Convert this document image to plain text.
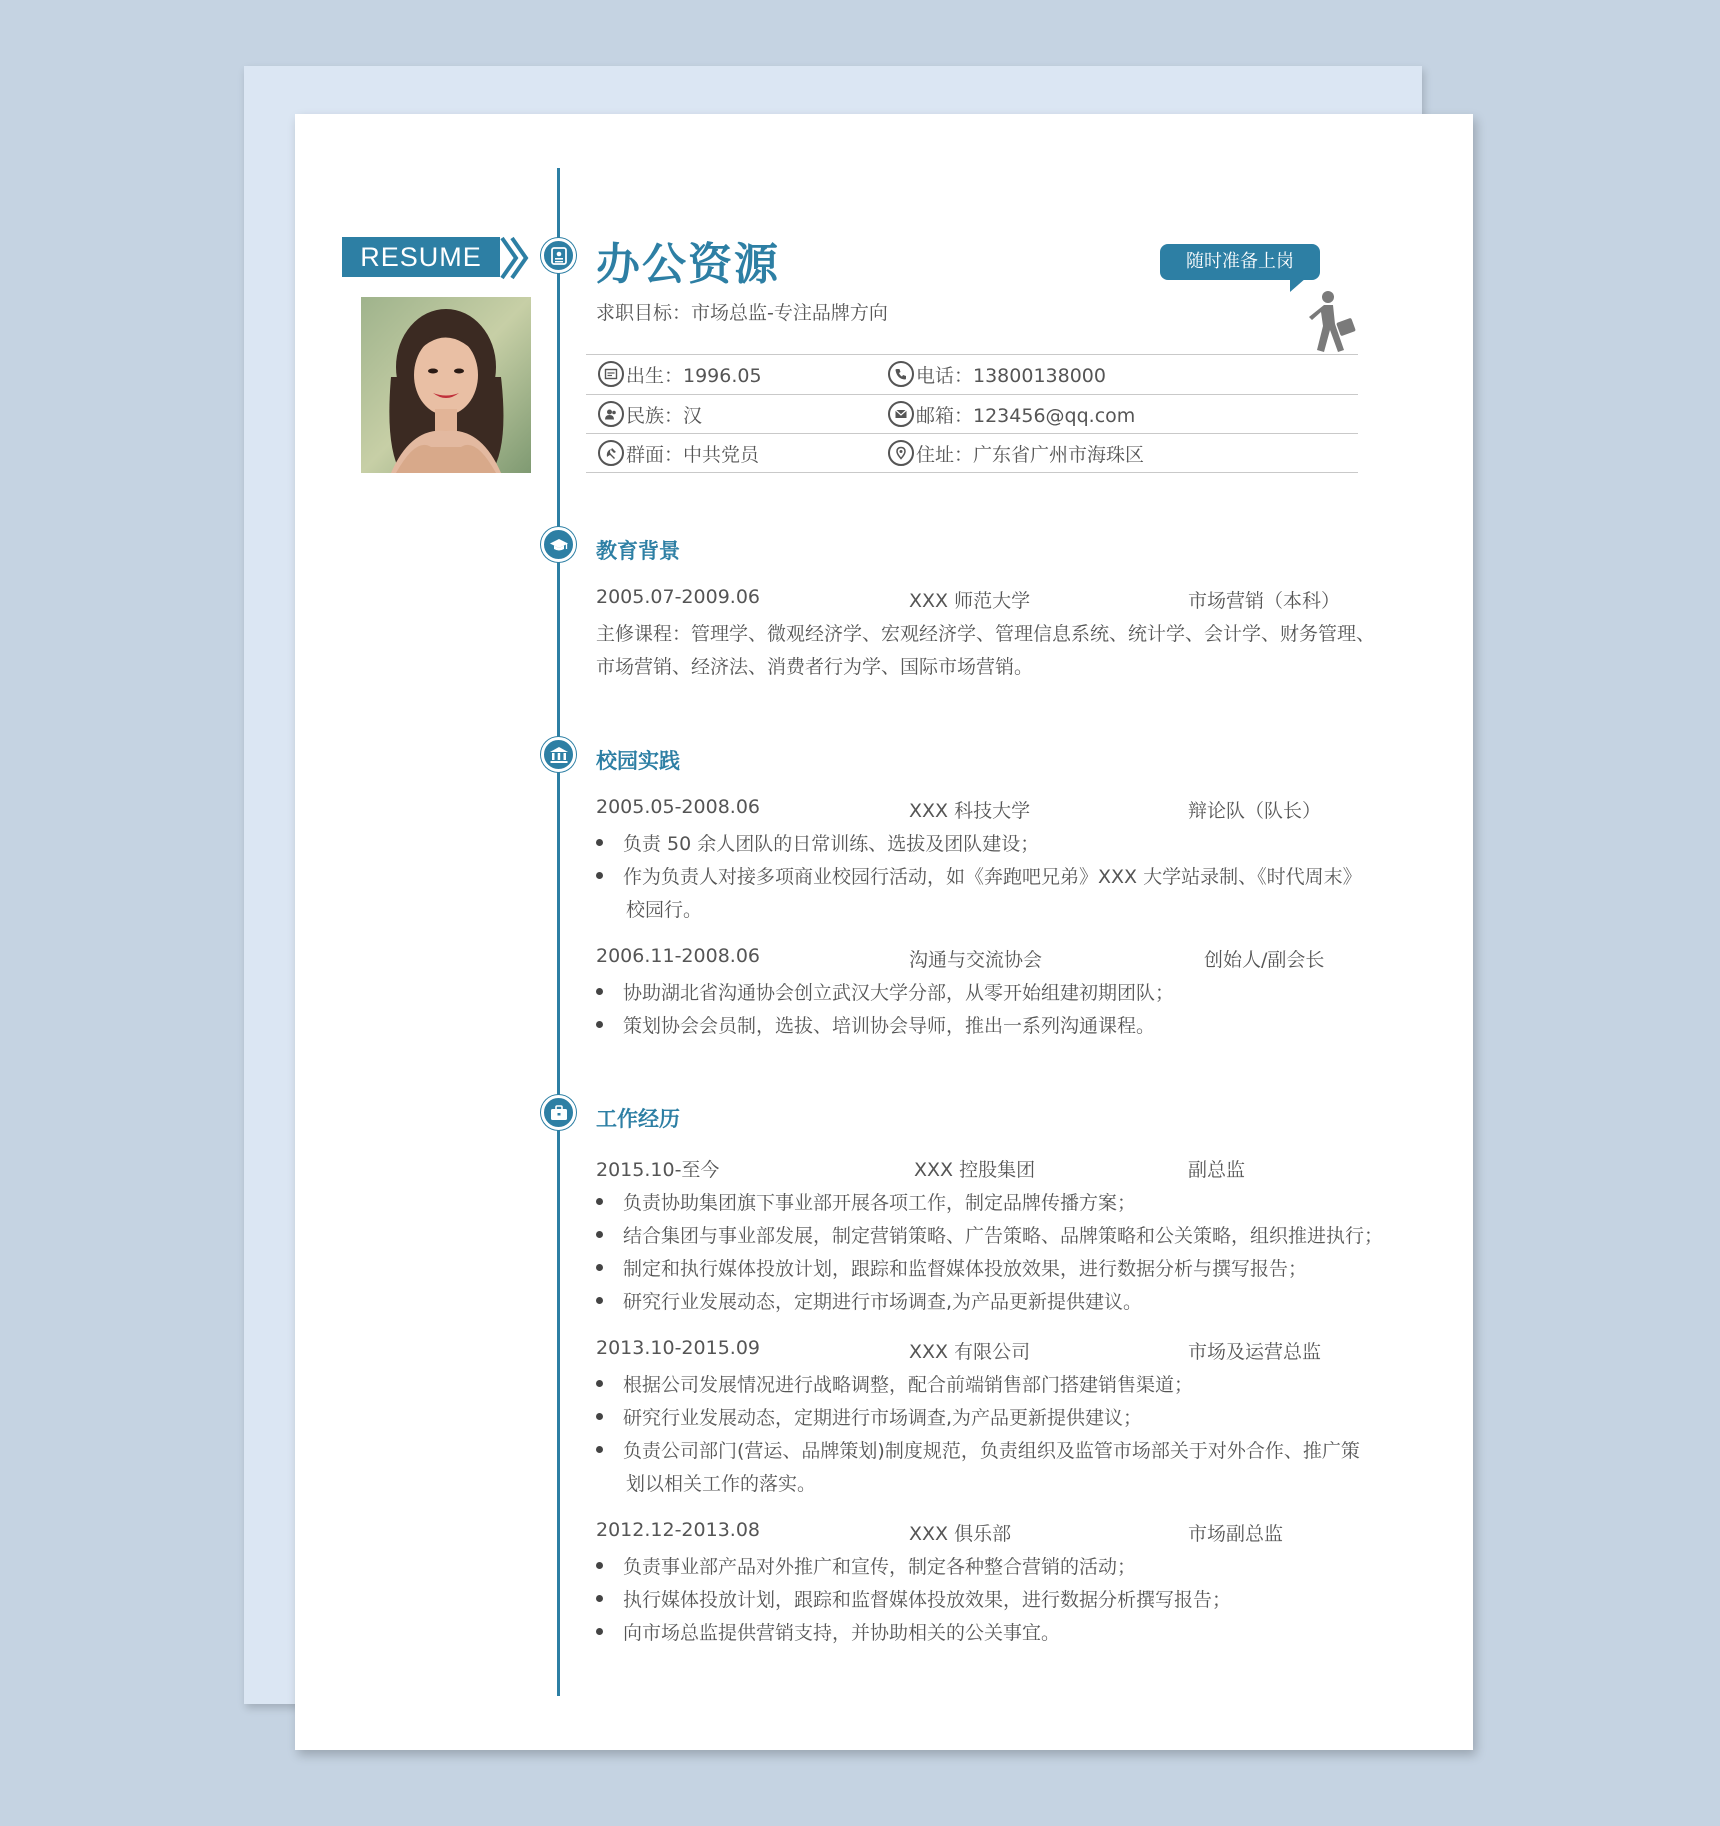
RESUME	办公资源
求职目标：市场总监-专注品牌方向
随时准备上岗
出生：1996.05	电话：13800138000
民族：汉	邮箱：123456@qq.com
群面：中共党员	住址：广东省广州市海珠区
教育背景
2005.07-2009.06	XXX 师范大学	市场营销（本科）
主修课程：管理学、微观经济学、宏观经济学、管理信息系统、统计学、会计学、财务管理、
市场营销、经济法、消费者行为学、国际市场营销。
校园实践
2005.05-2008.06	XXX 科技大学	辩论队（队长）
负责 50 余人团队的日常训练、选拔及团队建设；
作为负责人对接多项商业校园行活动，如《奔跑吧兄弟》XXX 大学站录制、《时代周末》
校园行。
2006.11-2008.06	沟通与交流协会	创始人/副会长
协助湖北省沟通协会创立武汉大学分部，从零开始组建初期团队；
策划协会会员制，选拔、培训协会导师，推出一系列沟通课程。
工作经历
2015.10-至今	XXX 控股集团	副总监
负责协助集团旗下事业部开展各项工作，制定品牌传播方案；
结合集团与事业部发展，制定营销策略、广告策略、品牌策略和公关策略，组织推进执行；
制定和执行媒体投放计划，跟踪和监督媒体投放效果，进行数据分析与撰写报告；
研究行业发展动态，定期进行市场调查,为产品更新提供建议。
2013.10-2015.09	XXX 有限公司	市场及运营总监
根据公司发展情况进行战略调整，配合前端销售部门搭建销售渠道；
研究行业发展动态，定期进行市场调查,为产品更新提供建议；
负责公司部门(营运、品牌策划)制度规范，负责组织及监管市场部关于对外合作、推广策
划以相关工作的落实。
2012.12-2013.08	XXX 俱乐部	市场副总监
负责事业部产品对外推广和宣传，制定各种整合营销的活动；
执行媒体投放计划，跟踪和监督媒体投放效果，进行数据分析撰写报告；
向市场总监提供营销支持，并协助相关的公关事宜。
